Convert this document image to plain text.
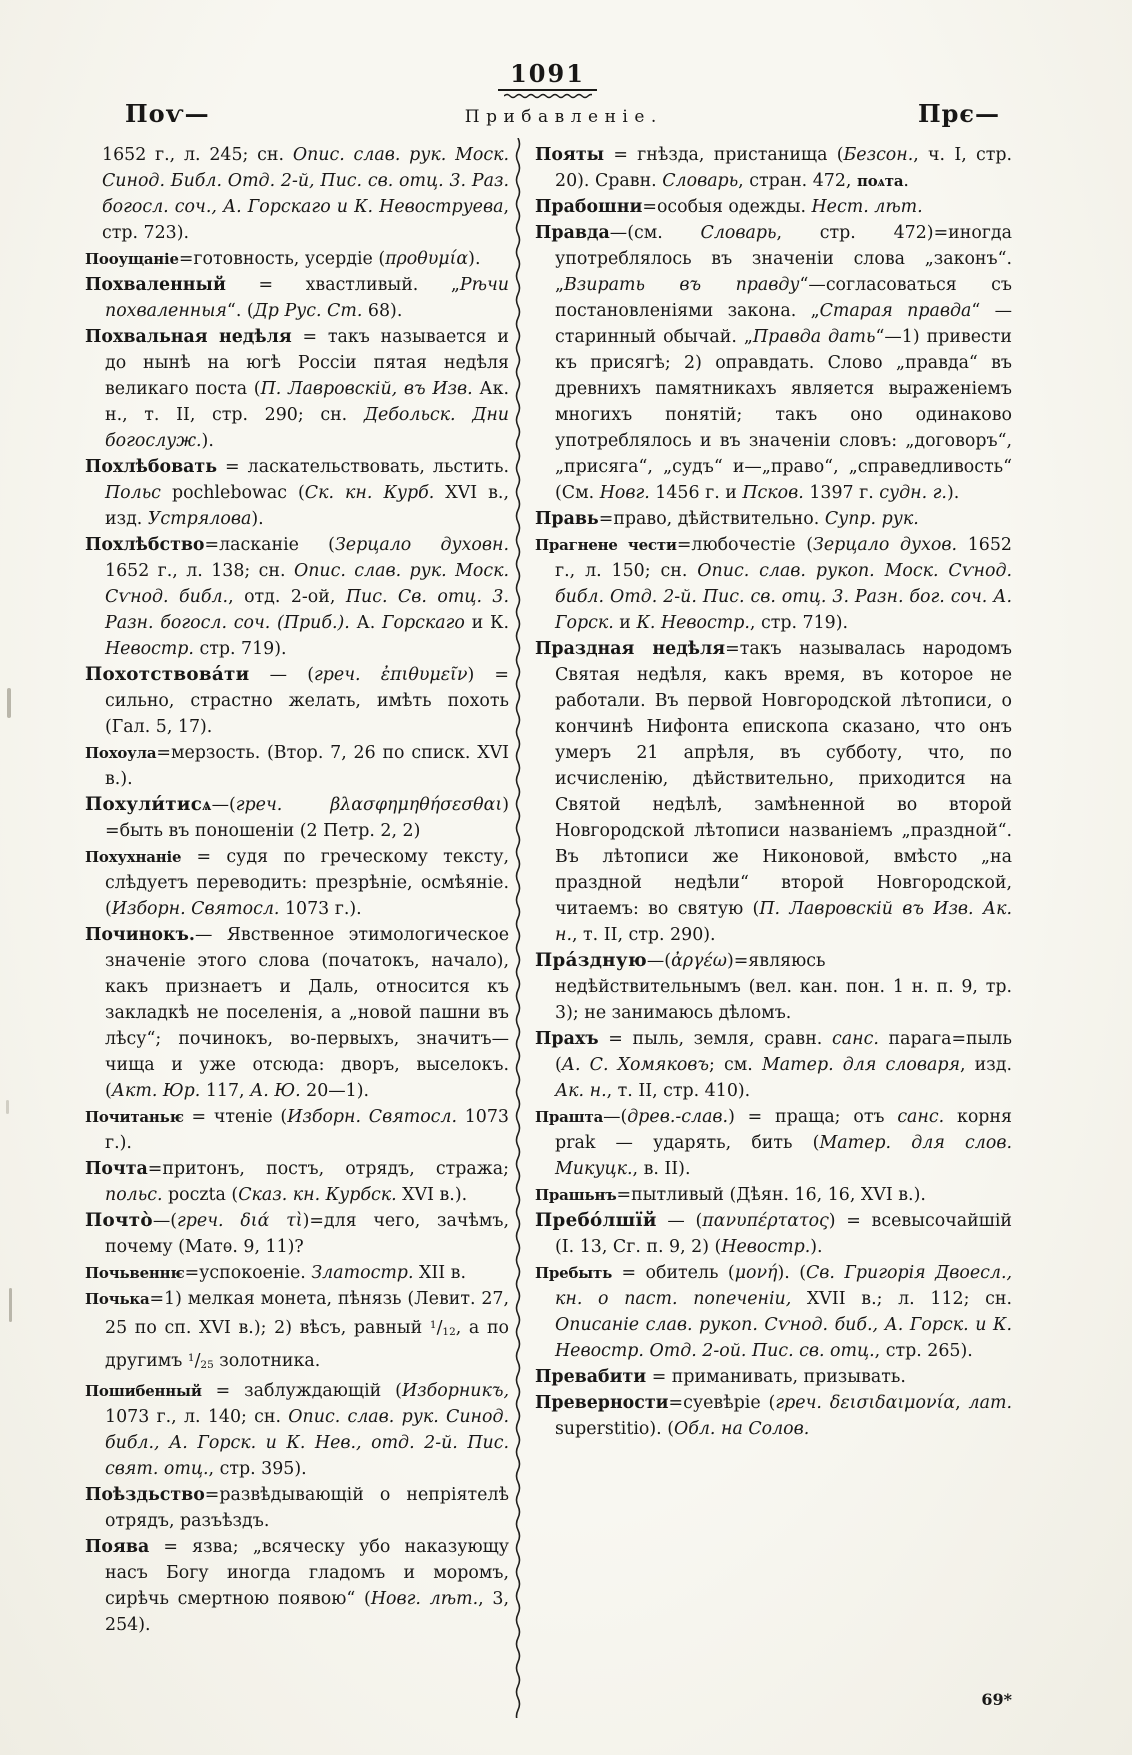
1091
Поѵ—	Прибавленіе.	Прє—

1652 г., л. 245; сн. Опис. слав. рук. Моск. Синод. Библ. Отд. 2-й, Пис. св. отц. 3. Раз. богосл. соч., А. Горскаго и К. Невоструева, стр. 723).

Пооущаніе=готовность, усердіе (προθυμία).

Похваленный = хвастливый. „Рѣчи похваленныя“. (Др Рус. Ст. 68).

Похвальная недѣля = такъ называется и до нынѣ на югѣ Россіи пятая недѣля великаго поста (П. Лавровскій, въ Изв. Ак. н., т. II, стр. 290; сн. Дебольск. Дни богослуж.).

Похлѣбовать = ласкательствовать, льстить. Польс pochlebowac (Ск. кн. Курб. XVI в., изд. Устрялова).

Похлѣбство=ласканіе (Зерцало духовн. 1652 г., л. 138; сн. Опис. слав. рук. Моск. Сѵнод. библ., отд. 2-ой, Пис. Св. отц. 3. Разн. богосл. соч. (Приб.). А. Горскаго и К. Невостр. стр. 719).

Похотствова́ти — (греч. ἐπιθυμεῖν) = сильно, страстно желать, имѣть похоть (Гал. 5, 17).

Похоула=мерзость. (Втор. 7, 26 по списк. XVI в.).

Похули́тисѧ—(греч.	βλασφημηθήσεσθαι) =быть въ поношеніи (2 Петр. 2, 2)

Похухнаніе = судя по греческому тексту, слѣдуетъ переводить: презрѣніе, осмѣяніе. (Изборн. Святосл. 1073 г.).

Починокъ.— Явственное этимологическое значеніе этого слова (початокъ, начало), какъ признаетъ и Даль, относится къ закладкѣ не поселенія, а „новой пашни въ лѣсу“; починокъ, во-первыхъ, значитъ—чища и уже отсюда: дворъ, выселокъ. (Акт. Юр. 117, А. Ю. 20—1).

Почитаньѥ = чтеніе (Изборн. Святосл. 1073 г.).

Почта=притонъ, постъ, отрядъ, стража; польс. poczta (Сказ. кн. Курбск. XVI в.).

Почто̀—(греч. διά τὶ)=для чего, зачѣмъ, почему (Матѳ. 9, 11)?

Почьвеннѥ=успокоеніе. Златостр. XII в.

Почька=1) мелкая монета, пѣнязь (Левит. 27, 25 по сп. XVI в.); 2) вѣсъ, равный $^1$/12, а по другимъ $^1$/25 золотника.

Пошибенный = заблуждающій (Изборникъ, 1073 г., л. 140; сн. Опис. слав. рук. Синод. библ., А. Горск. и К. Нев., отд. 2-й. Пис. свят. отц., стр. 395).

Поѣздьство=развѣдывающій о непріятелѣ отрядъ, разъѣздъ.

Поява = язва; „всяческу убо наказующу насъ Богу иногда гладомъ и моромъ, сирѣчь смертною появою“ (Новг. лѣт., 3, 254).

Пояты = гнѣзда, пристанища (Безсон., ч. I, стр. 20). Сравн. Словарь, стран. 472, поѧта.

Прабошни=особыя одежды. Нест. лѣт.

Правда—(см. Словарь, стр. 472)=иногда употреблялось въ значеніи слова „законъ“. „Взирать въ правду“—согласоваться съ постановленіями закона. „Старая правда“ — старинный обычай. „Правда дать“—1) привести къ присягѣ; 2) оправдать. Слово „правда“ въ древнихъ памятникахъ является выраженіемъ многихъ понятій; такъ оно одинаково употреблялось и въ значеніи словъ: „договоръ“, „присяга“, „судъ“ и—„право“, „справедливость“ (См. Новг. 1456 г. и Псков. 1397 г. судн. г.).

Правь=право, дѣйствительно. Супр. рук.

Прагнене чести=любочестіе (Зерцало духов. 1652 г., л. 150; сн. Опис. слав. рукоп. Моск. Сѵнод. библ. Отд. 2-й. Пис. св. отц. 3. Разн. бог. соч. А. Горск. и К. Невостр., стр. 719).

Праздная недѣля=такъ называлась народомъ Святая недѣля, какъ время, въ которое не работали. Въ первой Новгородской лѣтописи, о кончинѣ Нифонта епископа сказано, что онъ умеръ 21 апрѣля, въ субботу, что, по исчисленію, дѣйствительно, приходится на Святой недѣлѣ, замѣненной во второй Новгородской лѣтописи названіемъ „праздной“. Въ лѣтописи же Никоновой, вмѣсто „на праздной недѣли“ второй Новгородской, читаемъ: во святую (П. Лавровскій въ Изв. Ак. н., т. II, стр. 290).

Пра́здную—(ἀργέω)=являюсь недѣйствительнымъ (вел. кан. пон. 1 н. п. 9, тр. 3); не занимаюсь дѣломъ.

Прахъ = пыль, земля, сравн. санс. парага=пыль (А. С. Хомяковъ; см. Матер. для словаря, изд. Ак. н., т. II, стр. 410).

Прашта—(древ.-слав.) = праща; отъ санс. корня prak — ударять, бить (Матер. для слов. Микуцк., в. II).

Прашьнъ=пытливый (Дѣян. 16, 16, XVI в.).

Пребо́лшїй — (πανυπέρτατος) = всевысочайшій (I. 13, Сг. п. 9, 2) (Невостр.).

Пребыть = обитель (μονή). (Св. Григорія Двоесл., кн. о паст. попеченіи, XVII в.; л. 112; сн. Описаніе слав. рукоп. Сѵнод. биб., А. Горск. и К. Невостр. Отд. 2-ой. Пис. св. отц., стр. 265).

Превабити = приманивать, призывать.

Преверности=суевѣріе (греч. δεισιδαιμονία, лат. superstitio). (Обл. на Солов.

69*
